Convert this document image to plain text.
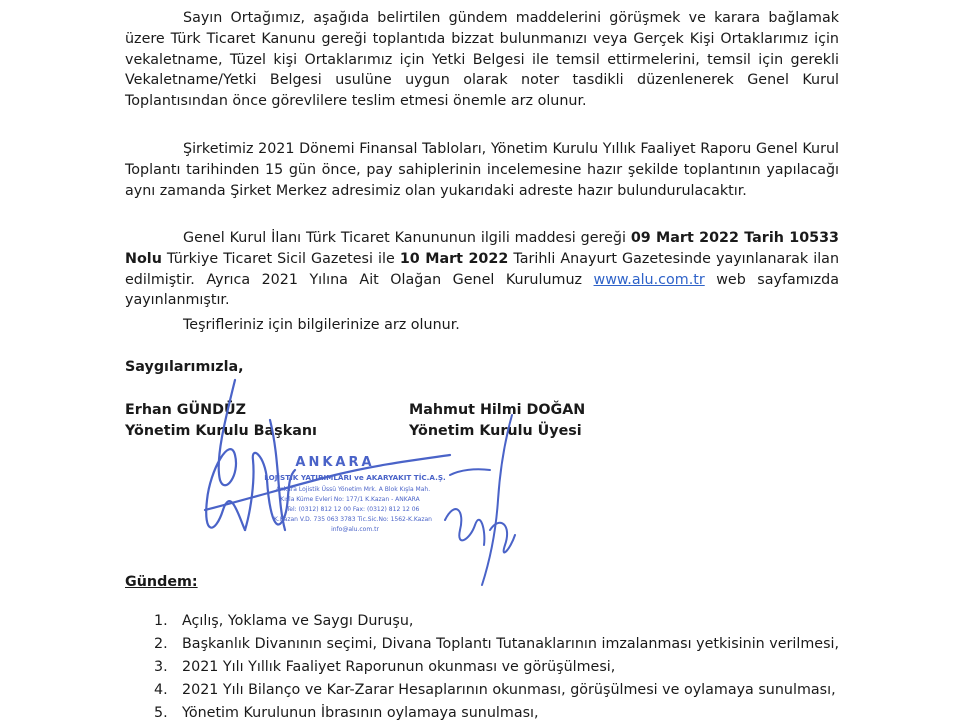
Sayın Ortağımız, aşağıda belirtilen gündem maddelerini görüşmek ve karara bağlamak üzere Türk Ticaret Kanunu gereği toplantıda bizzat bulunmanızı veya Gerçek Kişi Ortaklarımız için vekaletname, Tüzel kişi Ortaklarımız için Yetki Belgesi ile temsil ettirmelerini, temsil için gerekli Vekaletname/Yetki Belgesi usulüne uygun olarak noter tasdikli düzenlenerek Genel Kurul Toplantısından önce görevlilere teslim etmesi önemle arz olunur.

Şirketimiz 2021 Dönemi Finansal Tabloları, Yönetim Kurulu Yıllık Faaliyet Raporu Genel Kurul Toplantı tarihinden 15 gün önce, pay sahiplerinin incelemesine hazır şekilde toplantının yapılacağı aynı zamanda Şirket Merkez adresimiz olan yukarıdaki adreste hazır bulundurulacaktır.

Genel Kurul İlanı Türk Ticaret Kanununun ilgili maddesi gereği 09 Mart 2022 Tarih 10533 Nolu Türkiye Ticaret Sicil Gazetesi ile 10 Mart 2022 Tarihli Anayurt Gazetesinde yayınlanarak ilan edilmiştir. Ayrıca 2021 Yılına Ait Olağan Genel Kurulumuz www.alu.com.tr web sayfamızda yayınlanmıştır.

Teşrifleriniz için bilgilerinize arz olunur.

Saygılarımızla,

Erhan GÜNDÜZ

Yönetim Kurulu Başkanı

Mahmut Hilmi DOĞAN

Yönetim Kurulu Üyesi

ANKARA
LOJİSTİK YATIRIMLARI ve AKARYAKIT TİC.A.Ş.
Ankara Lojistik Üssü Yönetim Mrk. A Blok Kışla Mah.
Kışla Küme Evleri No: 177/1 K.Kazan - ANKARA
Tel: (0312) 812 12 00 Fax: (0312) 812 12 06
K.Kazan V.D. 735 063 3783 Tic.Sic.No: 1562-K.Kazan
info@alu.com.tr

Gündem:

1. Açılış, Yoklama ve Saygı Duruşu,
2. Başkanlık Divanının seçimi, Divana Toplantı Tutanaklarının imzalanması yetkisinin verilmesi,
3. 2021 Yılı Yıllık Faaliyet Raporunun okunması ve görüşülmesi,
4. 2021 Yılı Bilanço ve Kar-Zarar Hesaplarının okunması, görüşülmesi ve oylamaya sunulması,
5. Yönetim Kurulunun İbrasının oylamaya sunulması,
